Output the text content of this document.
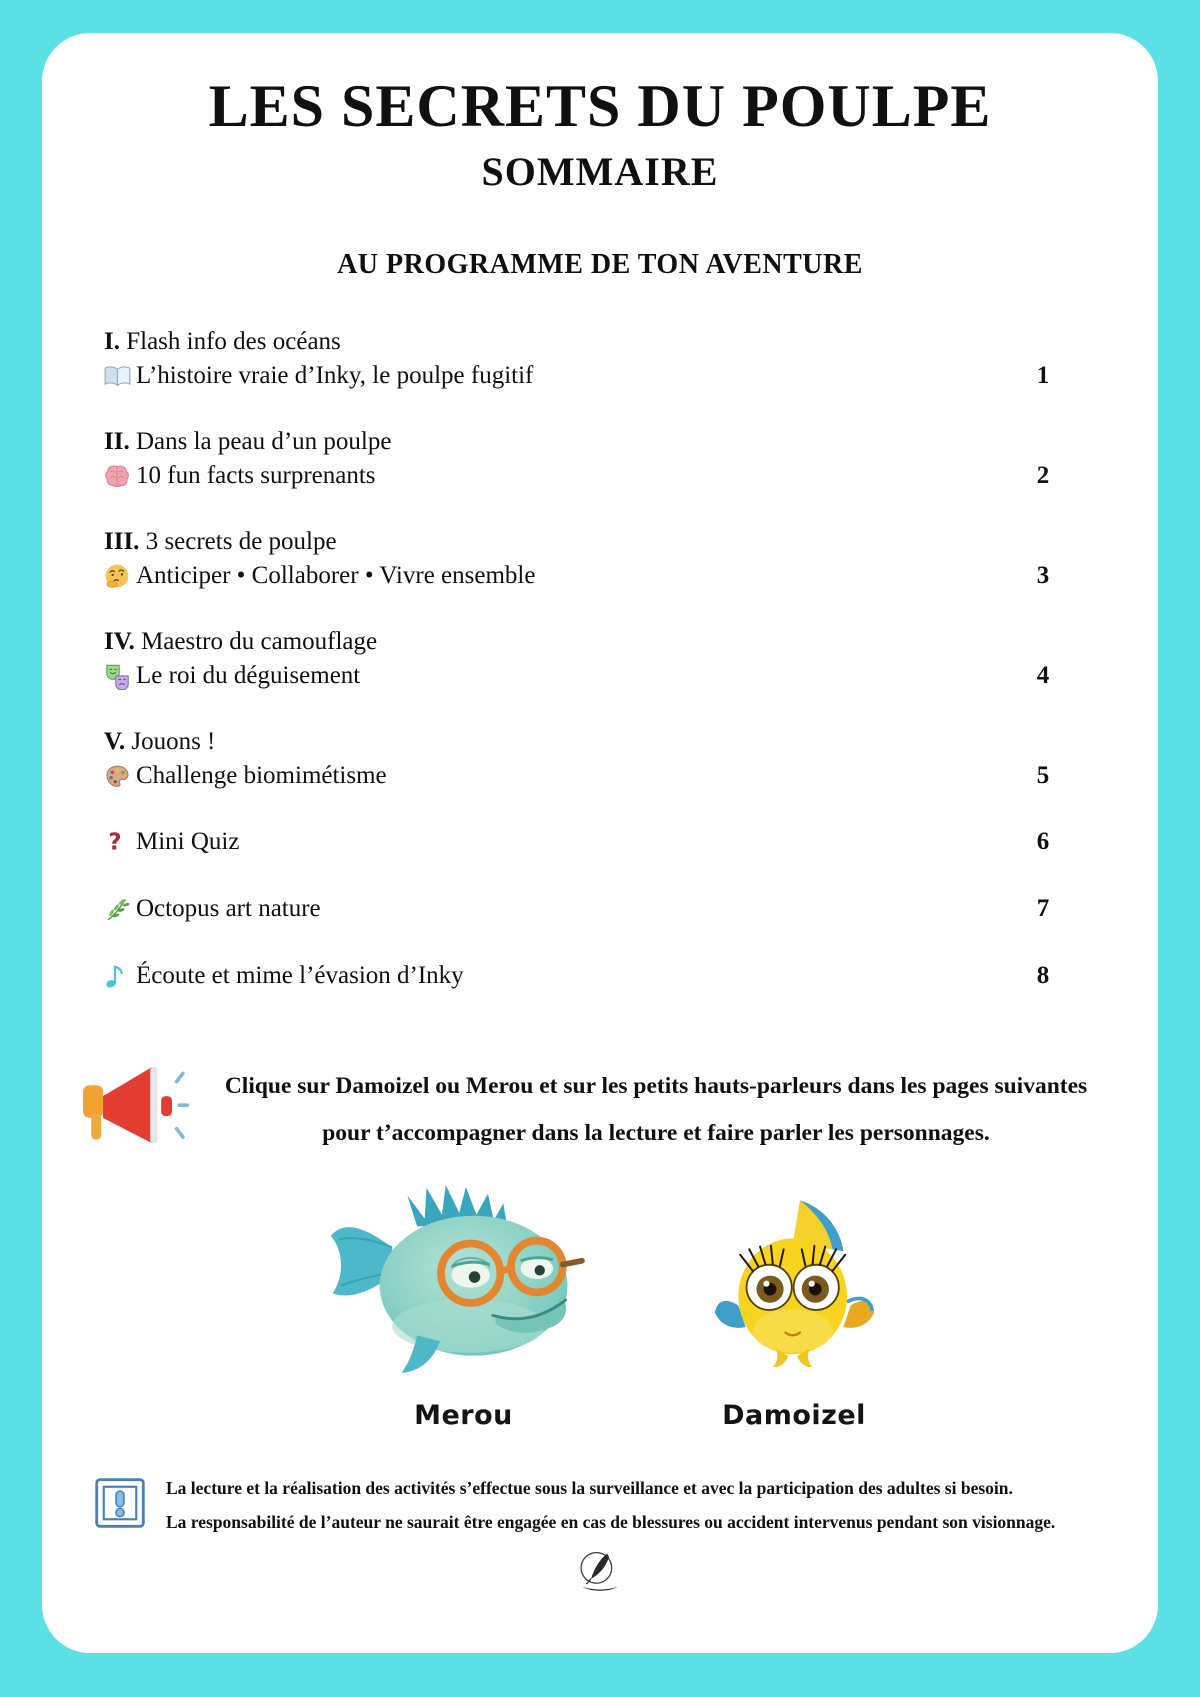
LES SECRETS DU POULPE
SOMMAIRE
AU PROGRAMME DE TON AVENTURE
I. Flash info des océans
L’histoire vraie d’Inky, le poulpe fugitif	1
II. Dans la peau d’un poulpe
10 fun facts surprenants	2
III. 3 secrets de poulpe
Anticiper • Collaborer • Vivre ensemble	3
IV. Maestro du camouflage
Le roi du déguisement	4
V. Jouons !
Challenge biomimétisme	5
? Mini Quiz	6
Octopus art nature	7
Écoute et mime l’évasion d’Inky	8
Clique sur Damoizel ou Merou et sur les petits hauts-parleurs dans les pages suivantes
pour t’accompagner dans la lecture et faire parler les personnages.
Merou	Damoizel
La lecture et la réalisation des activités s’effectue sous la surveillance et avec la participation des adultes si besoin.
La responsabilité de l’auteur ne saurait être engagée en cas de blessures ou accident intervenus pendant son visionnage.
